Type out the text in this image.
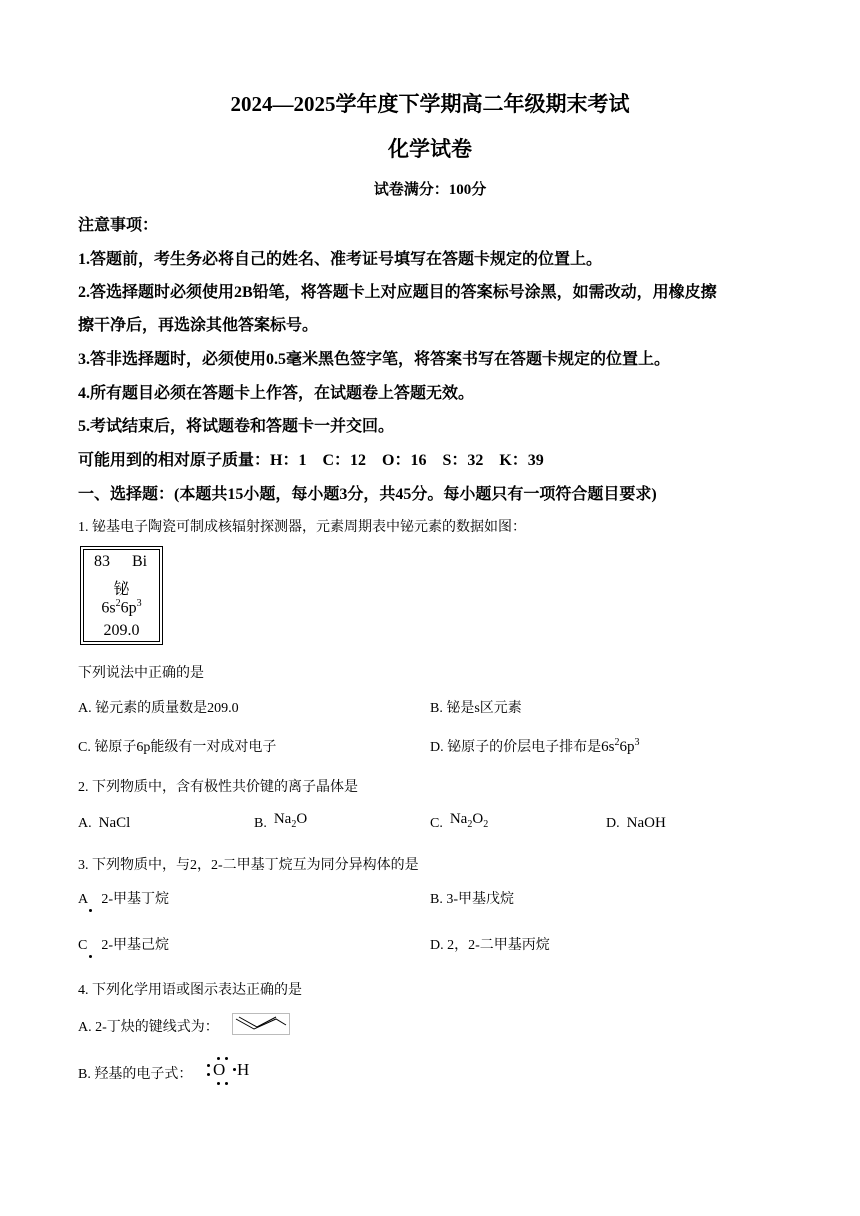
2024—2025学年度下学期高二年级期末考试
化学试卷
试卷满分：100分
注意事项：
1.答题前，考生务必将自己的姓名、准考证号填写在答题卡规定的位置上。
2.答选择题时必须使用2B铅笔，将答题卡上对应题目的答案标号涂黑，如需改动，用橡皮擦
擦干净后，再选涂其他答案标号。
3.答非选择题时，必须使用0.5毫米黑色签字笔，将答案书写在答题卡规定的位置上。
4.所有题目必须在答题卡上作答，在试题卷上答题无效。
5.考试结束后，将试题卷和答题卡一并交回。
可能用到的相对原子质量：H：1　C：12　O：16　S：32　K：39
一、选择题：(本题共15小题，每小题3分，共45分。每小题只有一项符合题目要求)
1. 铋基电子陶瓷可制成核辐射探测器，元素周期表中铋元素的数据如图：
83 Bi
铋
$6s^26p^3$
209.0
下列说法中正确的是
A. 铋元素的质量数是209.0	B. 铋是s区元素
C. 铋原子6p能级有一对成对电子	D. 铋原子的价层电子排布是$6s^26p^3$
2. 下列物质中，含有极性共价键的离子晶体是
A. NaCl	B. $Na_2O$	C. $Na_2O_2$	D. NaOH
3. 下列物质中，与2，2-二甲基丁烷互为同分异构体的是
A　2-甲基丁烷	B. 3-甲基戊烷
C　2-甲基己烷	D. 2，2-二甲基丙烷
4. 下列化学用语或图示表达正确的是
A. 2-丁炔的键线式为：
B. 羟基的电子式： O H
